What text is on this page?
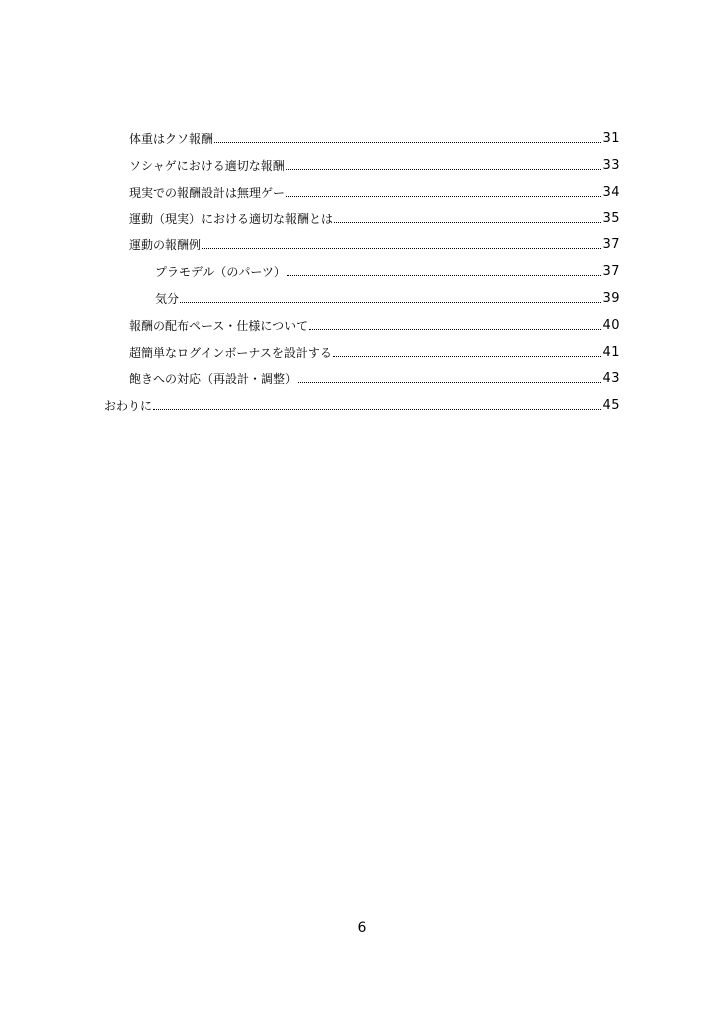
体重はクソ報酬	31
ソシャゲにおける適切な報酬	33
現実での報酬設計は無理ゲー	34
運動（現実）における適切な報酬とは	35
運動の報酬例	37
プラモデル（のパーツ）	37
気分	39
報酬の配布ペース・仕様について	40
超簡単なログインボーナスを設計する	41
飽きへの対応（再設計・調整）	43
おわりに	45
6
